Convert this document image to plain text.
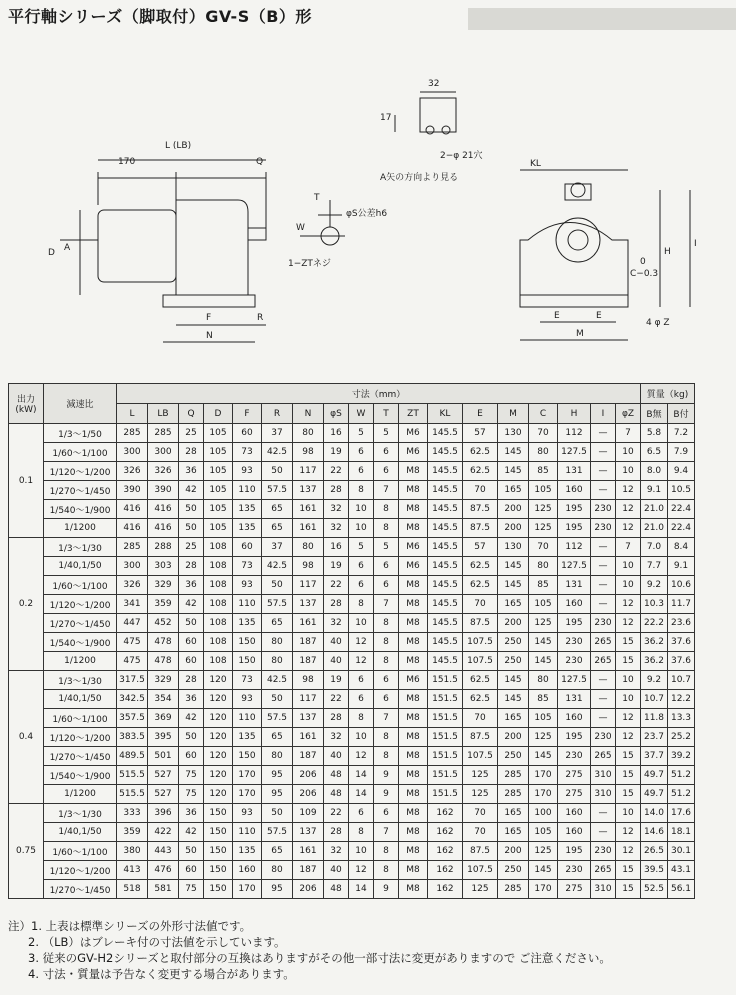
平行軸シリーズ（脚取付）GV-S（B）形
170
L (LB)
Q
D A
F	R
N
T
W
φS公差h6
1−ZTネジ
32
17
2−φ 21穴
A矢の方向より見る
KL
H
I
C−0.3
0
E	E
M
4 φ Z
出力
(kW)	減速比	寸法（mm）																		質量（kg)	
		L	LB	Q	D	F	R	N	φS	W	T	ZT	KL	E	M	C	H	I	φZ	B無	B付
0.1	1/3〜1/50	285	285	25	105	60	37	80	16	5	5	M6	145.5	57	130	70	112	—	7	5.8	7.2
	1/60〜1/100	300	300	28	105	73	42.5	98	19	6	6	M6	145.5	62.5	145	80	127.5	—	10	6.5	7.9
	1/120〜1/200	326	326	36	105	93	50	117	22	6	6	M8	145.5	62.5	145	85	131	—	10	8.0	9.4
	1/270〜1/450	390	390	42	105	110	57.5	137	28	8	7	M8	145.5	70	165	105	160	—	12	9.1	10.5
	1/540〜1/900	416	416	50	105	135	65	161	32	10	8	M8	145.5	87.5	200	125	195	230	12	21.0	22.4
	1/1200	416	416	50	105	135	65	161	32	10	8	M8	145.5	87.5	200	125	195	230	12	21.0	22.4
0.2	1/3〜1/30	285	288	25	108	60	37	80	16	5	5	M6	145.5	57	130	70	112	—	7	7.0	8.4
	1/40,1/50	300	303	28	108	73	42.5	98	19	6	6	M6	145.5	62.5	145	80	127.5	—	10	7.7	9.1
	1/60〜1/100	326	329	36	108	93	50	117	22	6	6	M8	145.5	62.5	145	85	131	—	10	9.2	10.6
	1/120〜1/200	341	359	42	108	110	57.5	137	28	8	7	M8	145.5	70	165	105	160	—	12	10.3	11.7
	1/270〜1/450	447	452	50	108	135	65	161	32	10	8	M8	145.5	87.5	200	125	195	230	12	22.2	23.6
	1/540〜1/900	475	478	60	108	150	80	187	40	12	8	M8	145.5	107.5	250	145	230	265	15	36.2	37.6
	1/1200	475	478	60	108	150	80	187	40	12	8	M8	145.5	107.5	250	145	230	265	15	36.2	37.6
0.4	1/3〜1/30	317.5	329	28	120	73	42.5	98	19	6	6	M6	151.5	62.5	145	80	127.5	—	10	9.2	10.7
	1/40,1/50	342.5	354	36	120	93	50	117	22	6	6	M8	151.5	62.5	145	85	131	—	10	10.7	12.2
	1/60〜1/100	357.5	369	42	120	110	57.5	137	28	8	7	M8	151.5	70	165	105	160	—	12	11.8	13.3
	1/120〜1/200	383.5	395	50	120	135	65	161	32	10	8	M8	151.5	87.5	200	125	195	230	12	23.7	25.2
	1/270〜1/450	489.5	501	60	120	150	80	187	40	12	8	M8	151.5	107.5	250	145	230	265	15	37.7	39.2
	1/540〜1/900	515.5	527	75	120	170	95	206	48	14	9	M8	151.5	125	285	170	275	310	15	49.7	51.2
	1/1200	515.5	527	75	120	170	95	206	48	14	9	M8	151.5	125	285	170	275	310	15	49.7	51.2
0.75	1/3〜1/30	333	396	36	150	93	50	109	22	6	6	M8	162	70	165	100	160	—	10	14.0	17.6
	1/40,1/50	359	422	42	150	110	57.5	137	28	8	7	M8	162	70	165	105	160	—	12	14.6	18.1
	1/60〜1/100	380	443	50	150	135	65	161	32	10	8	M8	162	87.5	200	125	195	230	12	26.5	30.1
	1/120〜1/200	413	476	60	150	160	80	187	40	12	8	M8	162	107.5	250	145	230	265	15	39.5	43.1
	1/270〜1/450	518	581	75	150	170	95	206	48	14	9	M8	162	125	285	170	275	310	15	52.5	56.1
注）1. 上表は標準シリーズの外形寸法値です。
2. （LB）はブレーキ付の寸法値を示しています。
3. 従来のGV-H2シリーズと取付部分の互換はありますがその他一部寸法に変更がありますので ご注意ください。
4. 寸法・質量は予告なく変更する場合があります。
